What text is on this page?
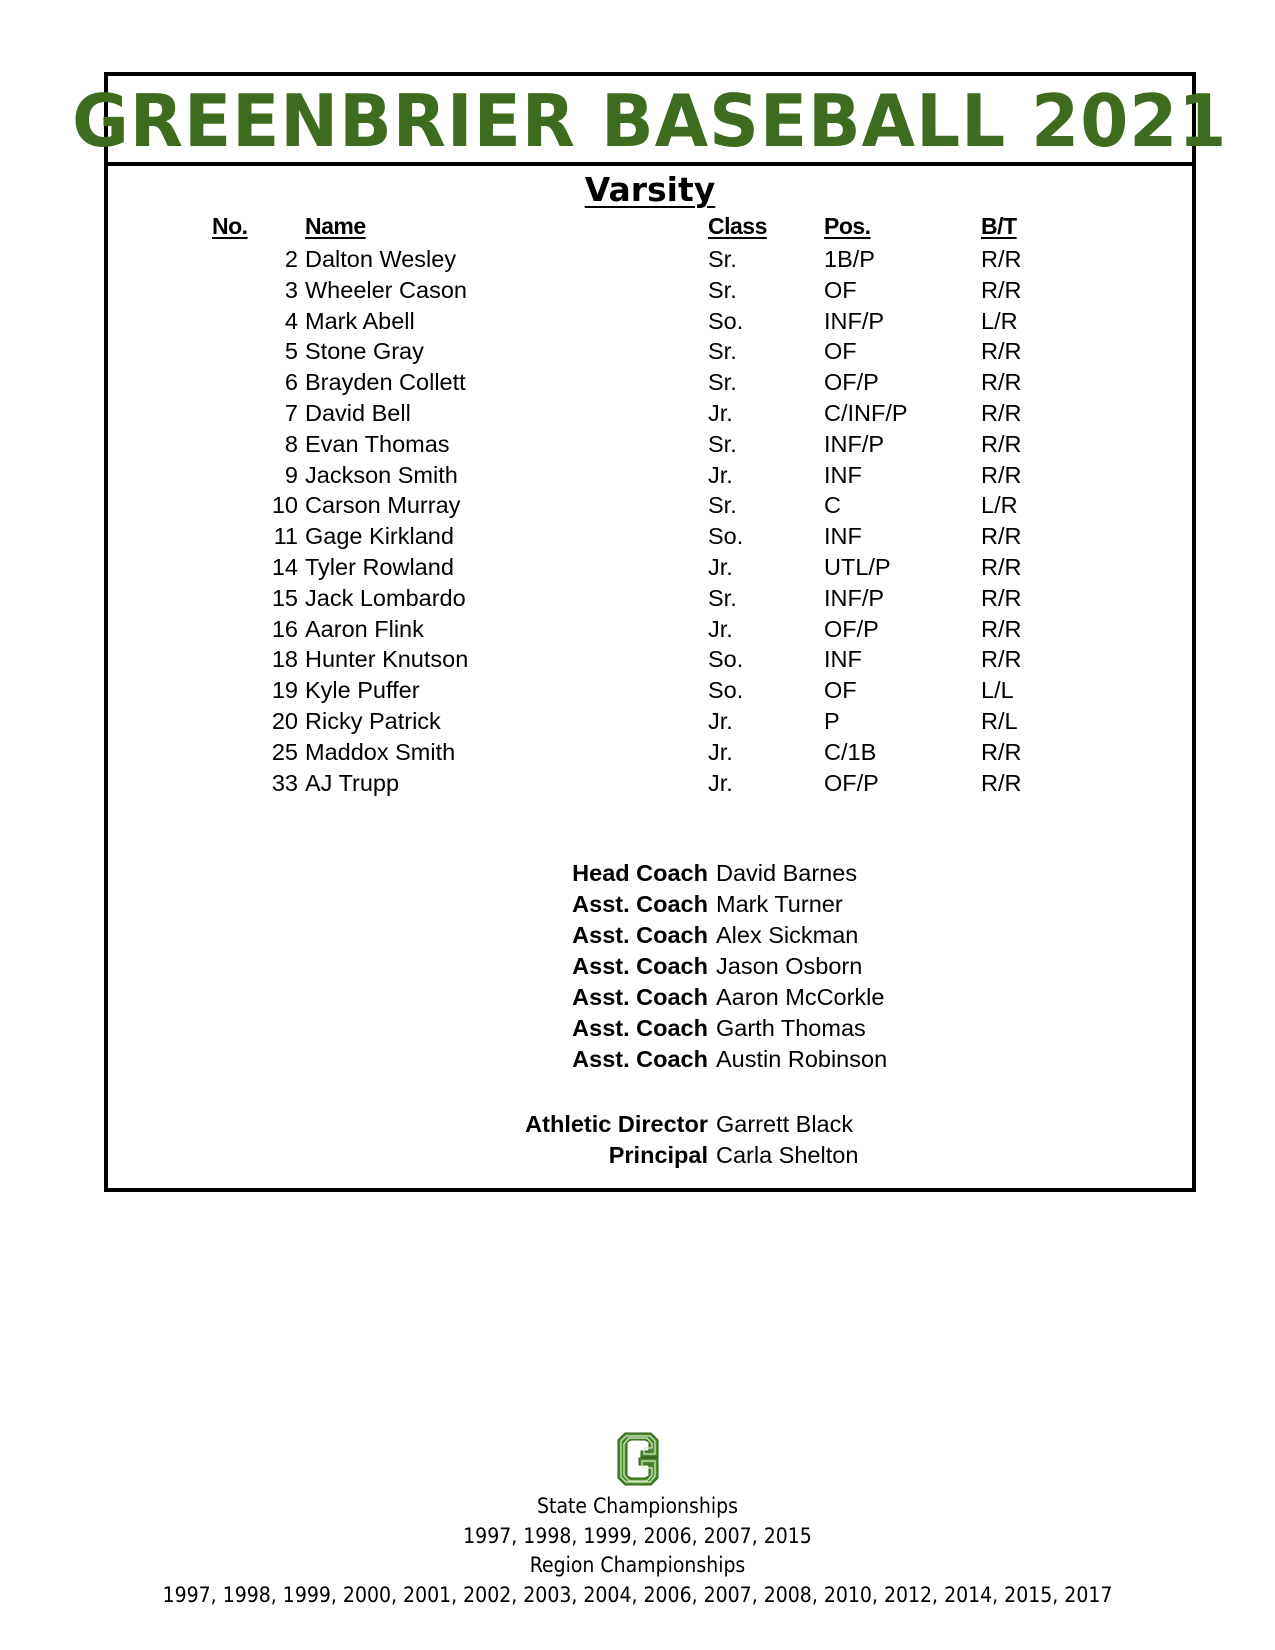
GREENBRIER BASEBALL 2021
Varsity
No. Name	Class Pos.	B/T
2 Dalton Wesley	Sr.	1B/P	R/R
3 Wheeler Cason	Sr.	OF	R/R
4 Mark Abell	So.	INF/P	L/R
5 Stone Gray	Sr.	OF	R/R
6 Brayden Collett	Sr.	OF/P	R/R
7 David Bell	Jr.	C/INF/P	R/R
8 Evan Thomas	Sr.	INF/P	R/R
9 Jackson Smith	Jr.	INF	R/R
10 Carson Murray	Sr.	C	L/R
11 Gage Kirkland	So.	INF	R/R
14 Tyler Rowland	Jr.	UTL/P	R/R
15 Jack Lombardo	Sr.	INF/P	R/R
16 Aaron Flink	Jr.	OF/P	R/R
18 Hunter Knutson	So.	INF	R/R
19 Kyle Puffer	So.	OF	L/L
20 Ricky Patrick	Jr.	P	R/L
25 Maddox Smith	Jr.	C/1B	R/R
33 AJ Trupp	Jr.	OF/P	R/R
Head Coach David Barnes
Asst. Coach Mark Turner
Asst. Coach Alex Sickman
Asst. Coach Jason Osborn
Asst. Coach Aaron McCorkle
Asst. Coach Garth Thomas
Asst. Coach Austin Robinson
Athletic Director Garrett Black
Principal Carla Shelton
State Championships
1997, 1998, 1999, 2006, 2007, 2015
Region Championships
1997, 1998, 1999, 2000, 2001, 2002, 2003, 2004, 2006, 2007, 2008, 2010, 2012, 2014, 2015, 2017
